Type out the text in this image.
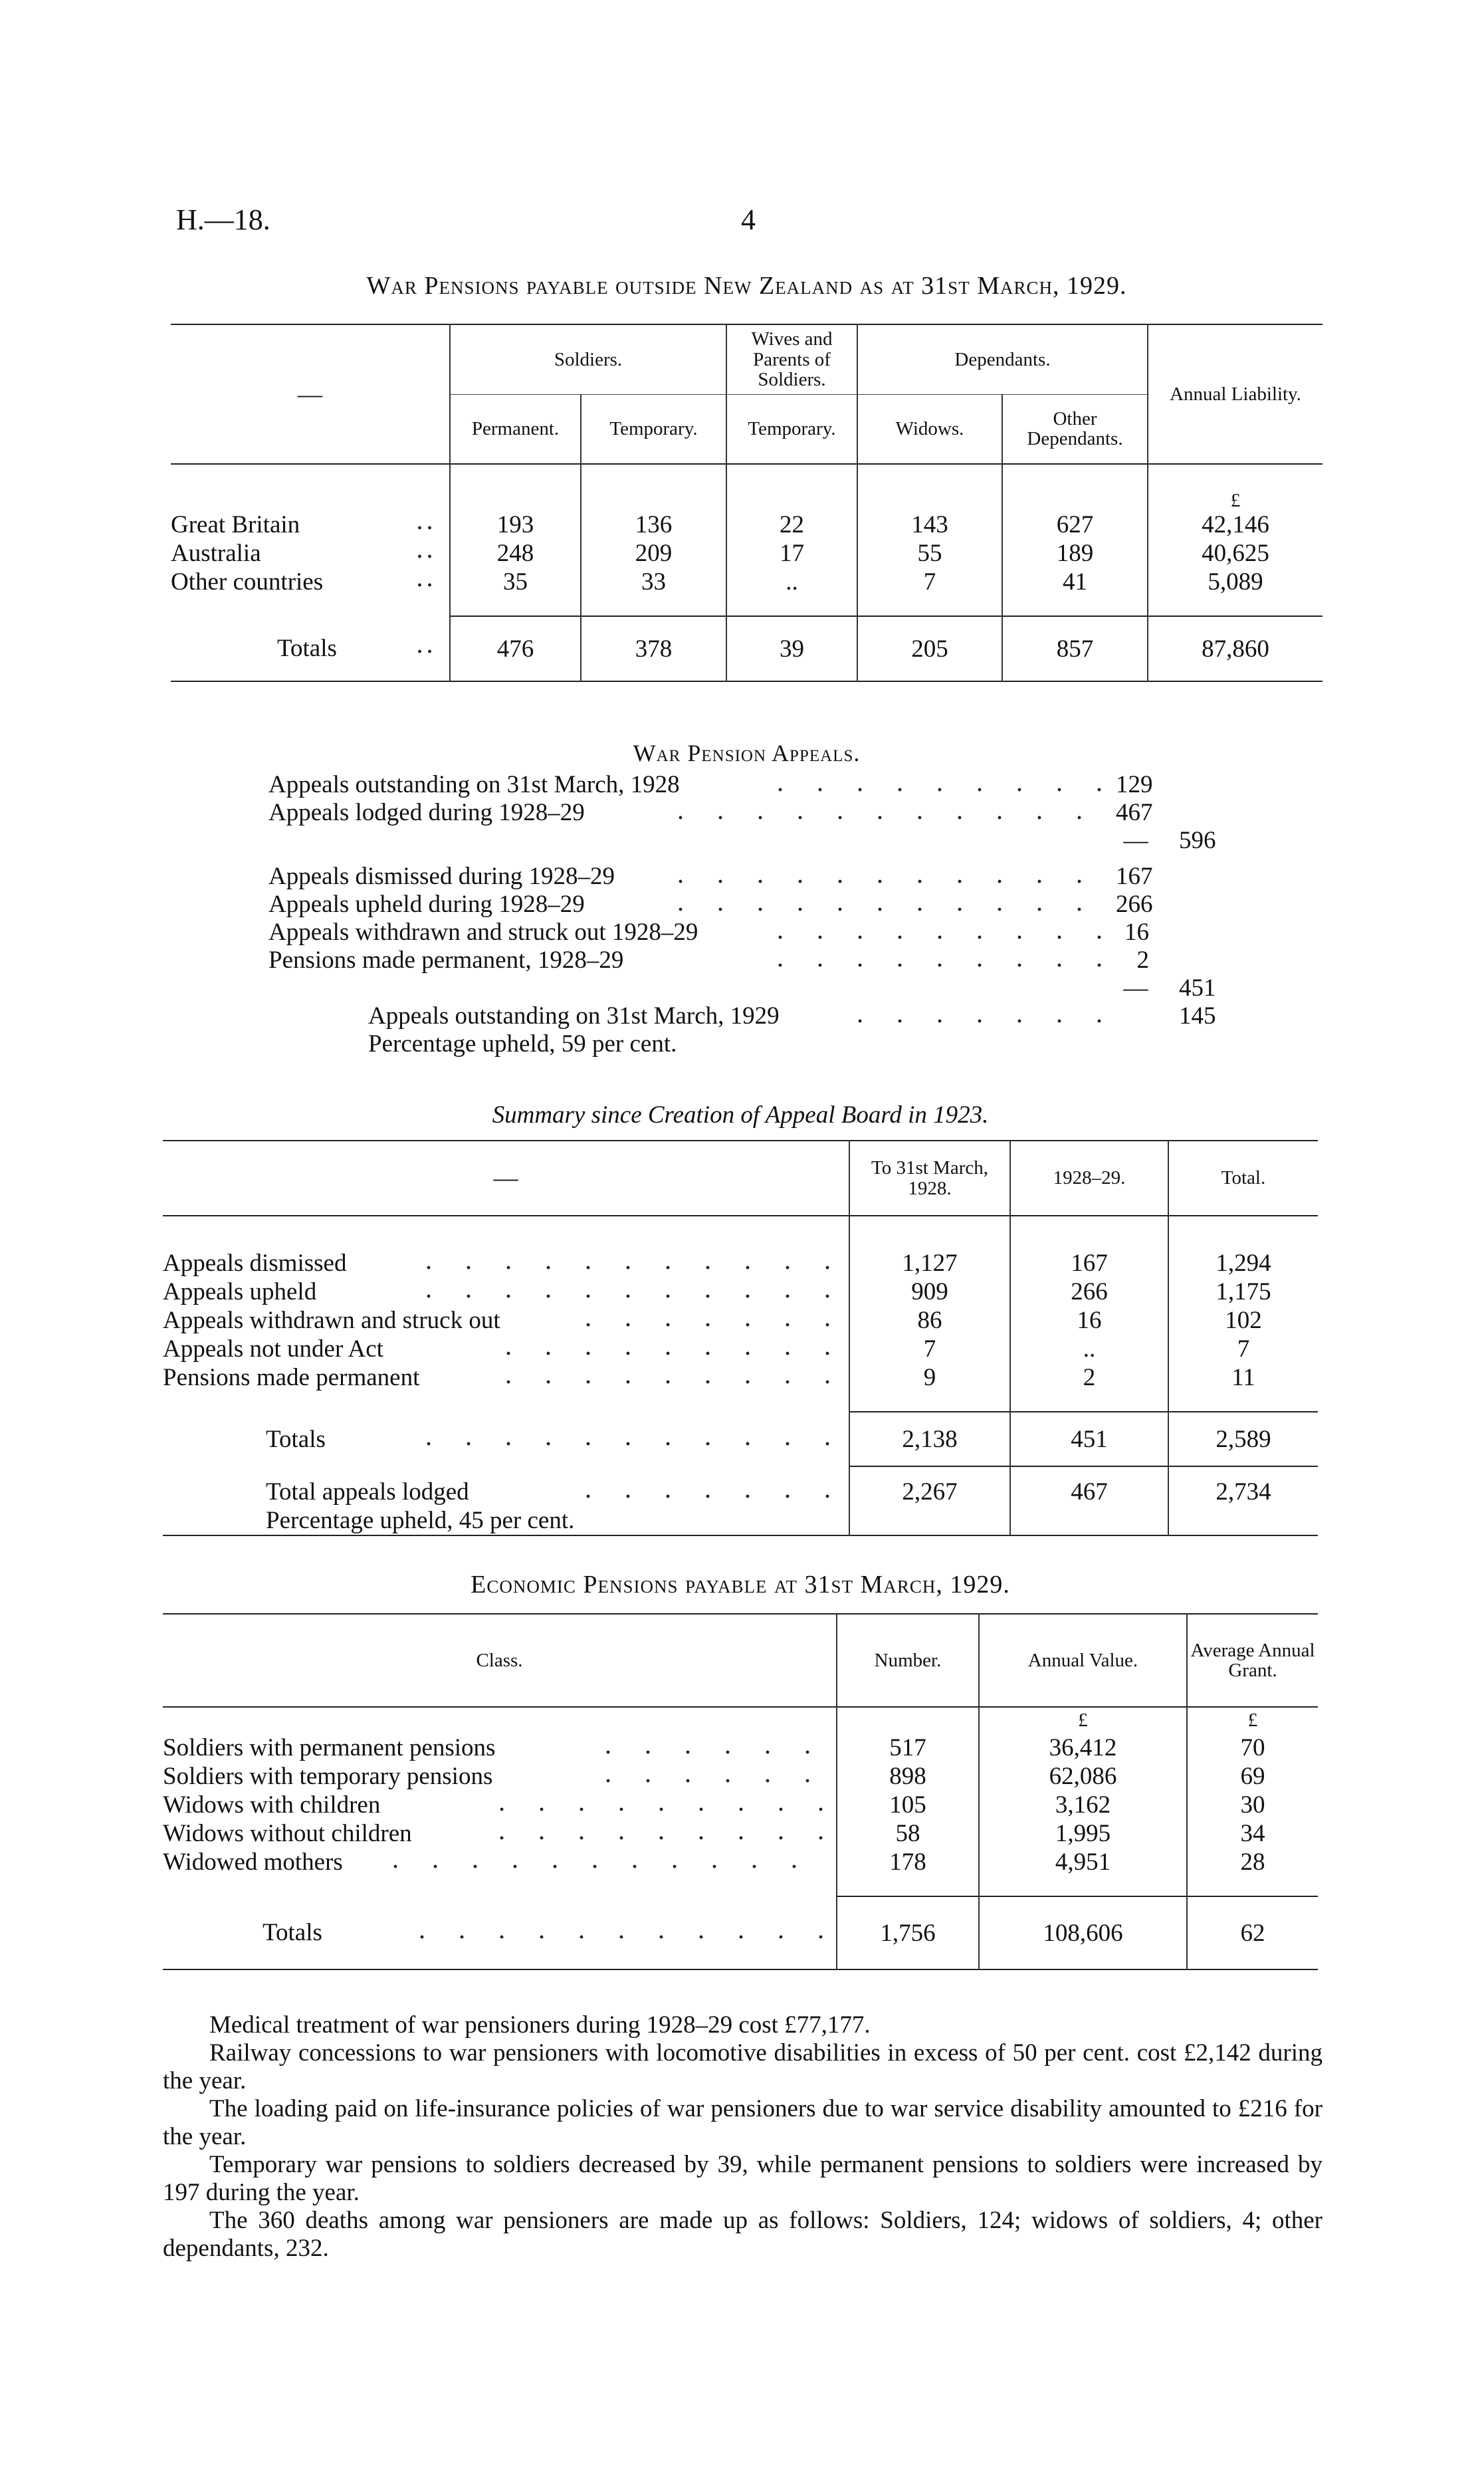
H.—18.	4
War Pensions payable outside New Zealand as at 31st March, 1929.
—	Soldiers.		Wives and Parents of Soldiers.	Dependants.		Annual Liability.
	Permanent.	Temporary.	Temporary.	Widows.	Other Dependants.	
						£
Great Britain	193	136	22	143	627	42,146
Australia	248	209	17	55	189	40,625
Other countries	35	33	..	7	41	5,089

Totals	476	378	39	205	857	87,860
War Pension Appeals.
Appeals outstanding on 31st March, 1928	129
Appeals lodged during 1928–29	467
—	596
Appeals dismissed during 1928–29	167
Appeals upheld during 1928–29	266
Appeals withdrawn and struck out 1928–29	16
Pensions made permanent, 1928–29	2
—	451
Appeals outstanding on 31st March, 1929	145
Percentage upheld, 59 per cent.
Summary since Creation of Appeal Board in 1923.
—	To 31st March, 1928.	1928–29.	Total.

Appeals dismissed	1,127	167	1,294
Appeals upheld	909	266	1,175
Appeals withdrawn and struck out	86	16	102
Appeals not under Act	7	..	7
Pensions made permanent	9	2	11

Totals	2,138	451	2,589
Total appeals lodged	2,267	467	2,734
Percentage upheld, 45 per cent.			
Economic Pensions payable at 31st March, 1929.
Class.	Number.	Annual Value.	Average Annual Grant.
		£	£
Soldiers with permanent pensions	517	36,412	70
Soldiers with temporary pensions	898	62,086	69
Widows with children	105	3,162	30
Widows without children	58	1,995	34
Widowed mothers	178	4,951	28

Totals	1,756	108,606	62

Medical treatment of war pensioners during 1928–29 cost £77,177.

Railway concessions to war pensioners with locomotive disabilities in excess of 50 per cent. cost £2,142 during the year.

The loading paid on life-insurance policies of war pensioners due to war service disability amounted to £216 for the year.

Temporary war pensions to soldiers decreased by 39, while permanent pensions to soldiers were increased by 197 during the year.

The 360 deaths among war pensioners are made up as follows: Soldiers, 124; widows of soldiers, 4; other dependants, 232.
